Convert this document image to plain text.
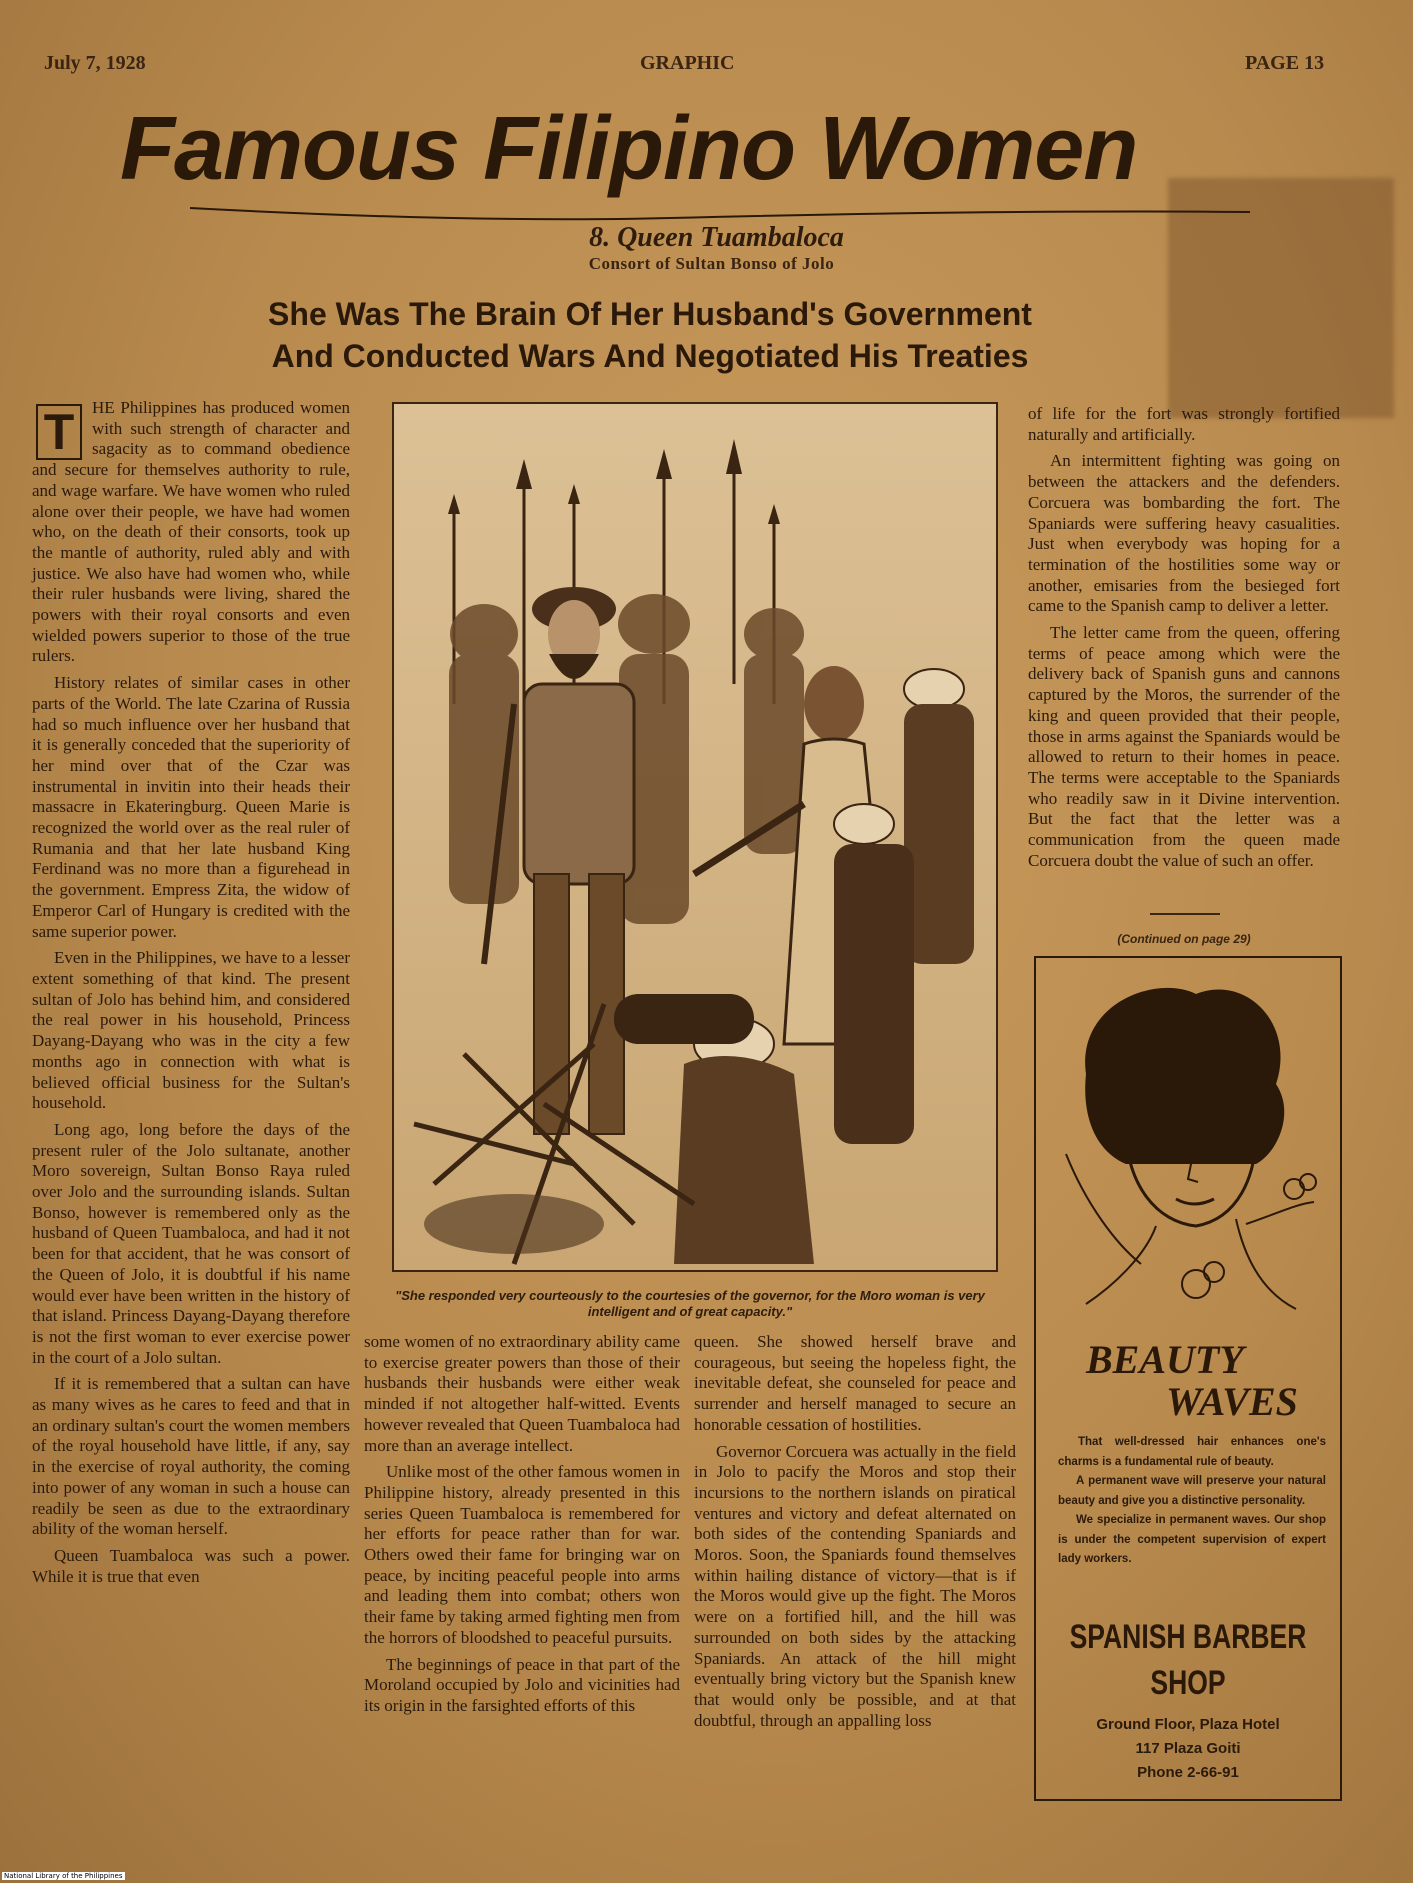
July 7, 1928	GRAPHIC	PAGE 13
Famous Filipino Women
8. Queen Tuambaloca
Consort of Sultan Bonso of Jolo
She Was The Brain Of Her Husband's Government
And Conducted Wars And Negotiated His Treaties

T	HE Philippines has produced women with such strength of character and sagacity as to command obedience and secure for themselves authority to rule, and wage warfare. We have women who ruled alone over their people, we have had women who, on the death of their consorts, took up the mantle of authority, ruled ably and with justice. We also have had women who, while their ruler husbands were living, shared the powers with their royal consorts and even wielded powers superior to those of the true rulers.

History relates of similar cases in other parts of the World. The late Czarina of Russia had so much influence over her husband that it is generally conceded that the superiority of her mind over that of the Czar was instrumental in invitin into their heads their massacre in Ekateringburg. Queen Marie is recognized the world over as the real ruler of Rumania and that her late husband King Ferdinand was no more than a figurehead in the government. Empress Zita, the widow of Emperor Carl of Hungary is credited with the same superior power.

Even in the Philippines, we have to a lesser extent something of that kind. The present sultan of Jolo has behind him, and considered the real power in his household, Princess Dayang-Dayang who was in the city a few months ago in connection with what is believed official business for the Sultan's household.

Long ago, long before the days of the present ruler of the Jolo sultanate, another Moro sovereign, Sultan Bonso Raya ruled over Jolo and the surrounding islands. Sultan Bonso, however is remembered only as the husband of Queen Tuambaloca, and had it not been for that accident, that he was consort of the Queen of Jolo, it is doubtful if his name would ever have been written in the history of that island. Princess Dayang-Dayang therefore is not the first woman to ever exercise power in the court of a Jolo sultan.

If it is remembered that a sultan can have as many wives as he cares to feed and that in an ordinary sultan's court the women members of the royal household have little, if any, say in the exercise of royal authority, the coming into power of any woman in such a house can readily be seen as due to the extraordinary ability of the woman herself.

Queen Tuambaloca was such a power. While it is true that even

"She responded very courteously to the courtesies of the governor, for the Moro woman is very intelligent and of great capacity."

some women of no extraordinary ability came to exercise greater powers than those of their husbands their husbands were either weak minded if not altogether half-witted. Events however revealed that Queen Tuambaloca had more than an average intellect.

Unlike most of the other famous women in Philippine history, already presented in this series Queen Tuambaloca is remembered for her efforts for peace rather than for war. Others owed their fame for bringing war on peace, by inciting peaceful people into arms and leading them into combat; others won their fame by taking armed fighting men from the horrors of bloodshed to peaceful pursuits.

The beginnings of peace in that part of the Moroland occupied by Jolo and vicinities had its origin in the farsighted efforts of this

queen. She showed herself brave and courageous, but seeing the hopeless fight, the inevitable defeat, she counseled for peace and surrender and herself managed to secure an honorable cessation of hostilities.

Governor Corcuera was actually in the field in Jolo to pacify the Moros and stop their incursions to the northern islands on piratical ventures and victory and defeat alternated on both sides of the contending Spaniards and Moros. Soon, the Spaniards found themselves within hailing distance of victory—that is if the Moros would give up the fight. The Moros were on a fortified hill, and the hill was surrounded on both sides by the attacking Spaniards. An attack of the hill might eventually bring victory but the Spanish knew that would only be possible, and at that doubtful, through an appalling loss

of life for the fort was strongly fortified naturally and artificially.

An intermittent fighting was going on between the attackers and the defenders. Corcuera was bombarding the fort. The Spaniards were suffering heavy casualities. Just when everybody was hoping for a termination of the hostilities some way or another, emisaries from the besieged fort came to the Spanish camp to deliver a letter.

The letter came from the queen, offering terms of peace among which were the delivery back of Spanish guns and cannons captured by the Moros, the surrender of the king and queen provided that their people, those in arms against the Spaniards would be allowed to return to their homes in peace. The terms were acceptable to the Spaniards who readily saw in it Divine intervention. But the fact that the letter was a communication from the queen made Corcuera doubt the value of such an offer.

(Continued on page 29)
BEAUTY
WAVES

That well-dressed hair enhances one's charms is a fundamental rule of beauty.

A permanent wave will preserve your natural beauty and give you a distinctive personality.

We specialize in permanent waves. Our shop is under the competent supervision of expert lady workers.

SPANISH BARBER
SHOP
Ground Floor, Plaza Hotel
117 Plaza Goiti
Phone 2-66-91
National Library of the Philippines
